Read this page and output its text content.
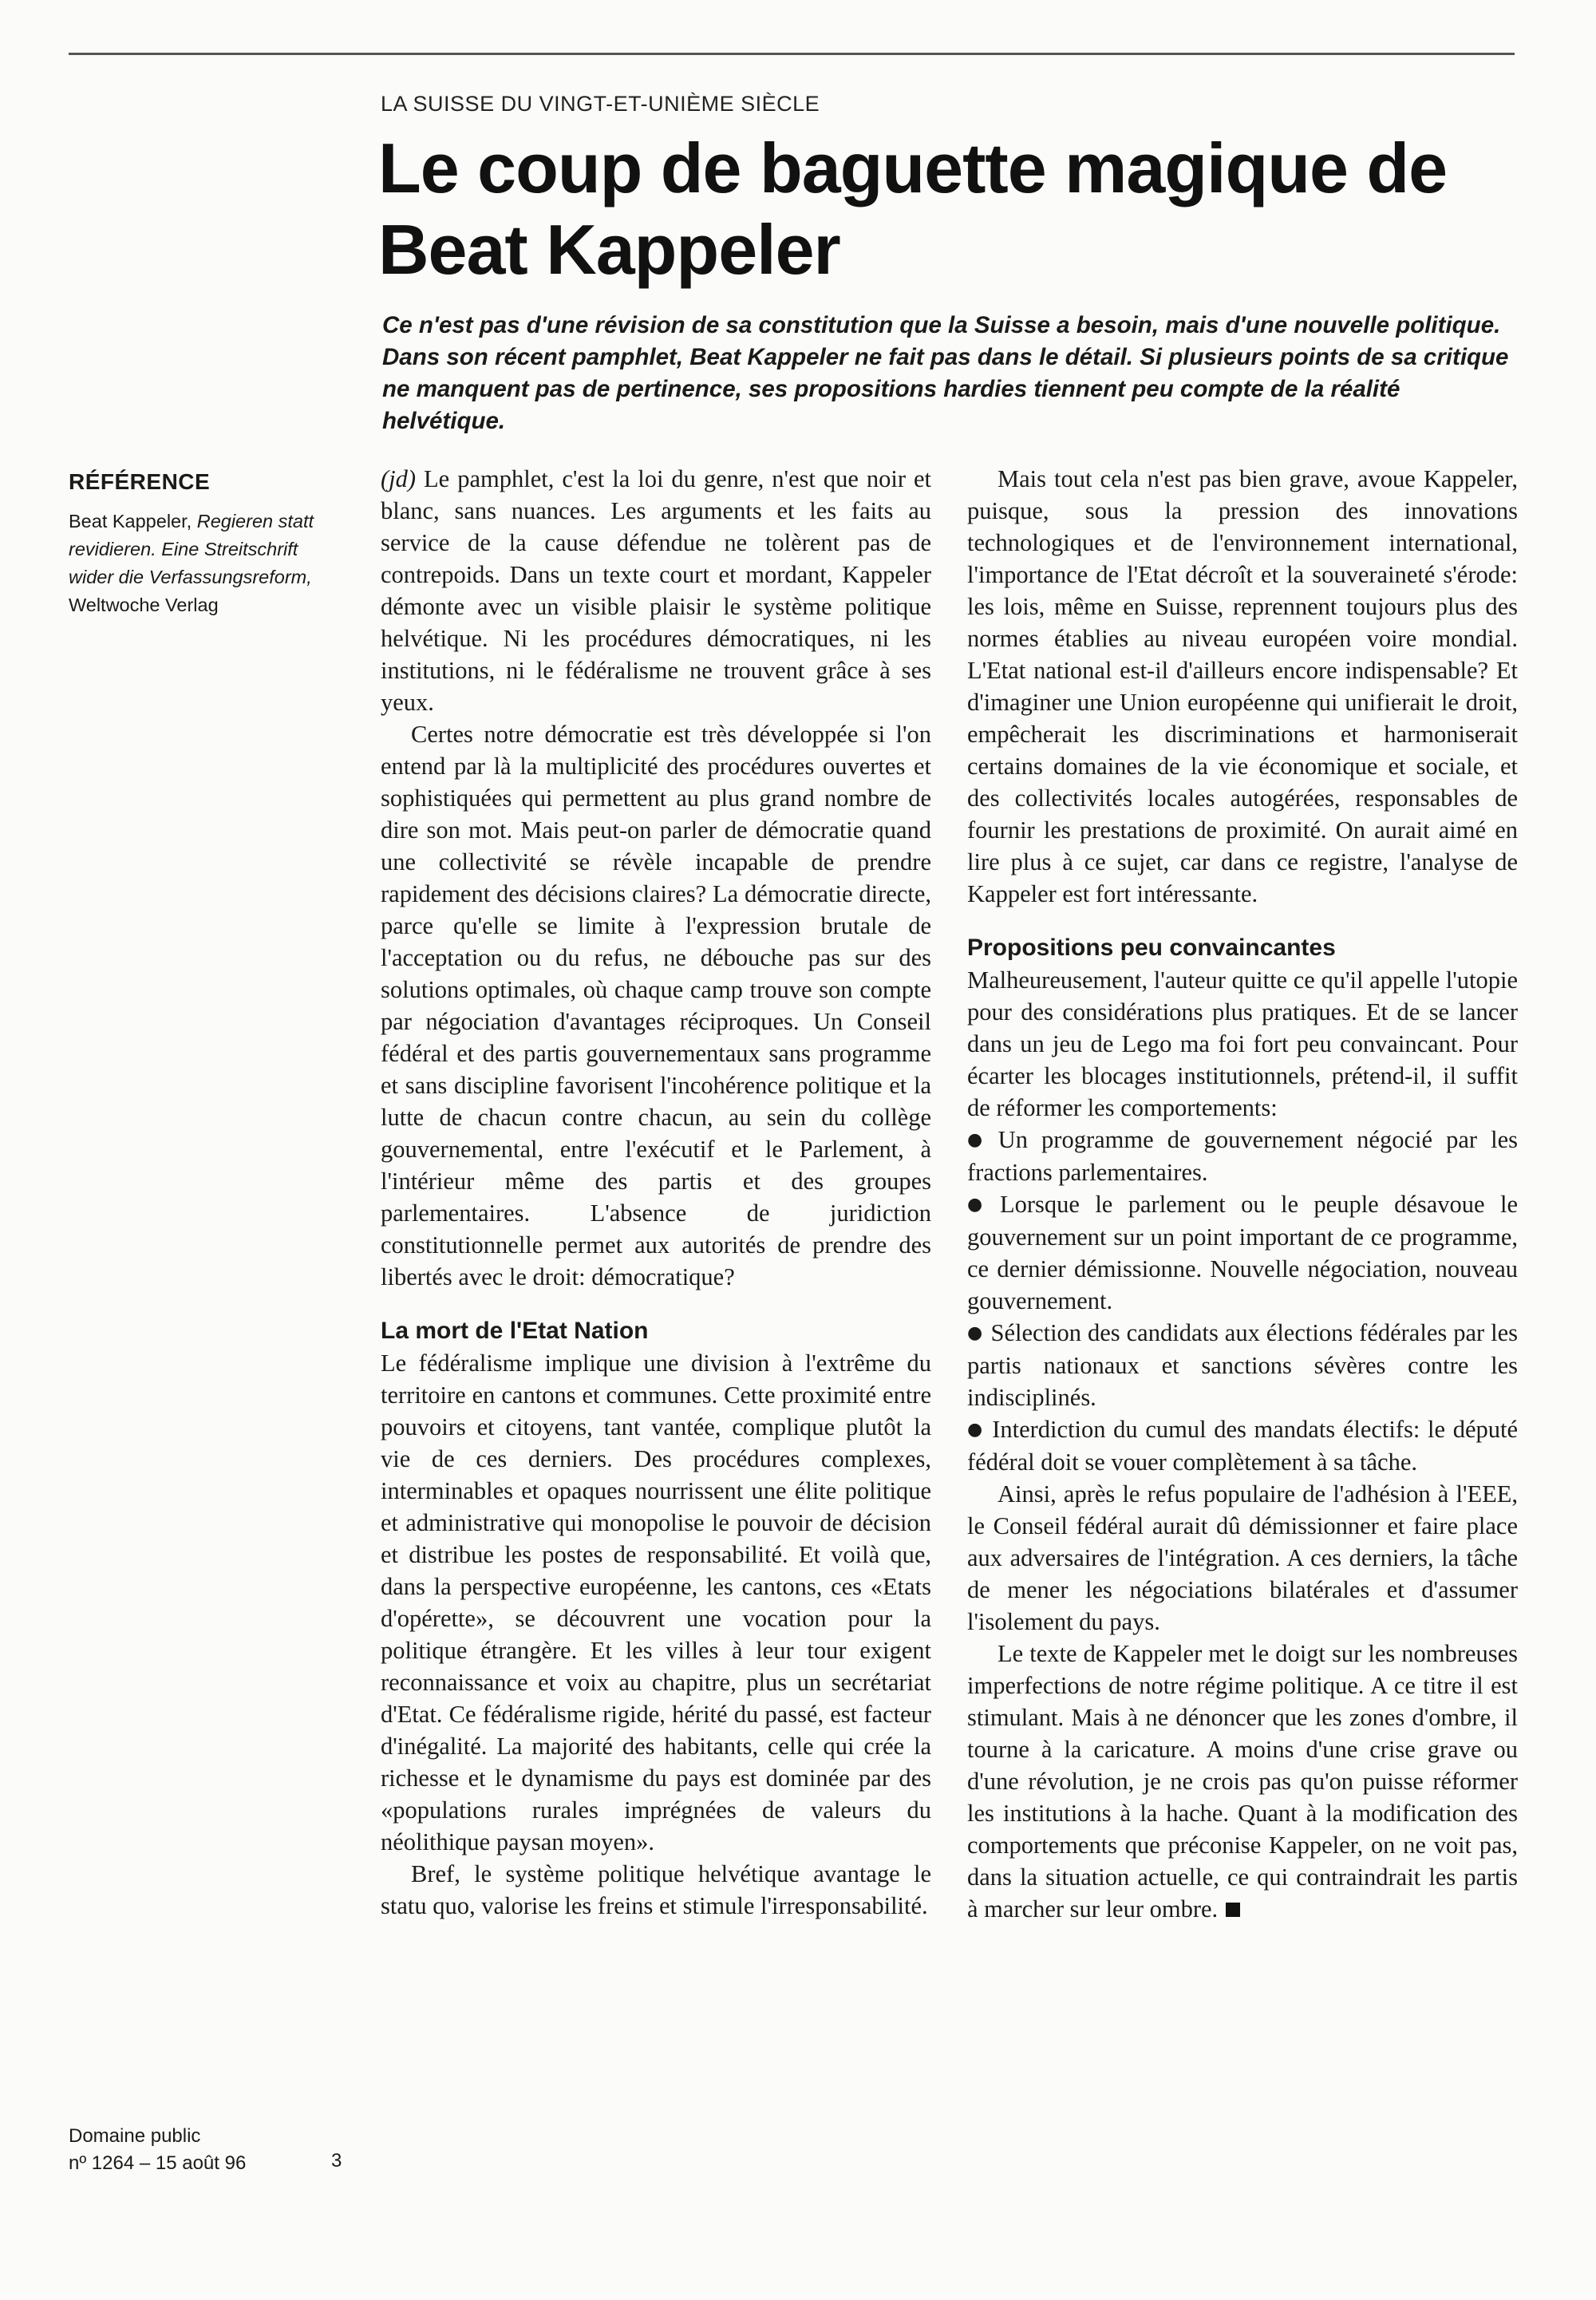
LA SUISSE DU VINGT-ET-UNIÈME SIÈCLE
Le coup de baguette magique de Beat Kappeler

Ce n'est pas d'une révision de sa constitution que la Suisse a besoin, mais d'une nouvelle politique. Dans son récent pamphlet, Beat Kappeler ne fait pas dans le détail. Si plusieurs points de sa critique ne manquent pas de pertinence, ses propositions hardies tiennent peu compte de la réalité helvétique.

RÉFÉRENCE
Beat Kappeler, Regieren statt revidieren. Eine Streitschrift wider die Verfassungsreform, Weltwoche Verlag

(jd) Le pamphlet, c'est la loi du genre, n'est que noir et blanc, sans nuances. Les arguments et les faits au service de la cause défendue ne tolèrent pas de contrepoids. Dans un texte court et mordant, Kappeler démonte avec un visible plaisir le système politique helvétique. Ni les procédures démocratiques, ni les institutions, ni le fédéralisme ne trouvent grâce à ses yeux.

Certes notre démocratie est très développée si l'on entend par là la multiplicité des procédures ouvertes et sophistiquées qui permettent au plus grand nombre de dire son mot. Mais peut-on parler de démocratie quand une collectivité se révèle incapable de prendre rapidement des décisions claires? La démocratie directe, parce qu'elle se limite à l'expression brutale de l'acceptation ou du refus, ne débouche pas sur des solutions optimales, où chaque camp trouve son compte par négociation d'avantages réciproques. Un Conseil fédéral et des partis gouvernementaux sans programme et sans discipline favorisent l'incohérence politique et la lutte de chacun contre chacun, au sein du collège gouvernemental, entre l'exécutif et le Parlement, à l'intérieur même des partis et des groupes parlementaires. L'absence de juridiction constitutionnelle permet aux autorités de prendre des libertés avec le droit: démocratique?

La mort de l'Etat Nation

Le fédéralisme implique une division à l'extrême du territoire en cantons et communes. Cette proximité entre pouvoirs et citoyens, tant vantée, complique plutôt la vie de ces derniers. Des procédures complexes, interminables et opaques nourrissent une élite politique et administrative qui monopolise le pouvoir de décision et distribue les postes de responsabilité. Et voilà que, dans la perspective européenne, les cantons, ces «Etats d'opérette», se découvrent une vocation pour la politique étrangère. Et les villes à leur tour exigent reconnaissance et voix au chapitre, plus un secrétariat d'Etat. Ce fédéralisme rigide, hérité du passé, est facteur d'inégalité. La majorité des habitants, celle qui crée la richesse et le dynamisme du pays est dominée par des «populations rurales imprégnées de valeurs du néolithique paysan moyen».

Bref, le système politique helvétique avantage le statu quo, valorise les freins et stimule l'irresponsabilité.

Mais tout cela n'est pas bien grave, avoue Kappeler, puisque, sous la pression des innovations technologiques et de l'environnement international, l'importance de l'Etat décroît et la souveraineté s'érode: les lois, même en Suisse, reprennent toujours plus des normes établies au niveau européen voire mondial. L'Etat national est-il d'ailleurs encore indispensable? Et d'imaginer une Union européenne qui unifierait le droit, empêcherait les discriminations et harmoniserait certains domaines de la vie économique et sociale, et des collectivités locales autogérées, responsables de fournir les prestations de proximité. On aurait aimé en lire plus à ce sujet, car dans ce registre, l'analyse de Kappeler est fort intéressante.

Propositions peu convaincantes

Malheureusement, l'auteur quitte ce qu'il appelle l'utopie pour des considérations plus pratiques. Et de se lancer dans un jeu de Lego ma foi fort peu convaincant. Pour écarter les blocages institutionnels, prétend-il, il suffit de réformer les comportements:

● Un programme de gouvernement négocié par les fractions parlementaires.

● Lorsque le parlement ou le peuple désavoue le gouvernement sur un point important de ce programme, ce dernier démissionne. Nouvelle négociation, nouveau gouvernement.

● Sélection des candidats aux élections fédérales par les partis nationaux et sanctions sévères contre les indisciplinés.

● Interdiction du cumul des mandats électifs: le député fédéral doit se vouer complètement à sa tâche.

Ainsi, après le refus populaire de l'adhésion à l'EEE, le Conseil fédéral aurait dû démissionner et faire place aux adversaires de l'intégration. A ces derniers, la tâche de mener les négociations bilatérales et d'assumer l'isolement du pays.

Le texte de Kappeler met le doigt sur les nombreuses imperfections de notre régime politique. A ce titre il est stimulant. Mais à ne dénoncer que les zones d'ombre, il tourne à la caricature. A moins d'une crise grave ou d'une révolution, je ne crois pas qu'on puisse réformer les institutions à la hache. Quant à la modification des comportements que préconise Kappeler, on ne voit pas, dans la situation actuelle, ce qui contraindrait les partis à marcher sur leur ombre.

Domaine public
nº 1264 – 15 août 96	3
